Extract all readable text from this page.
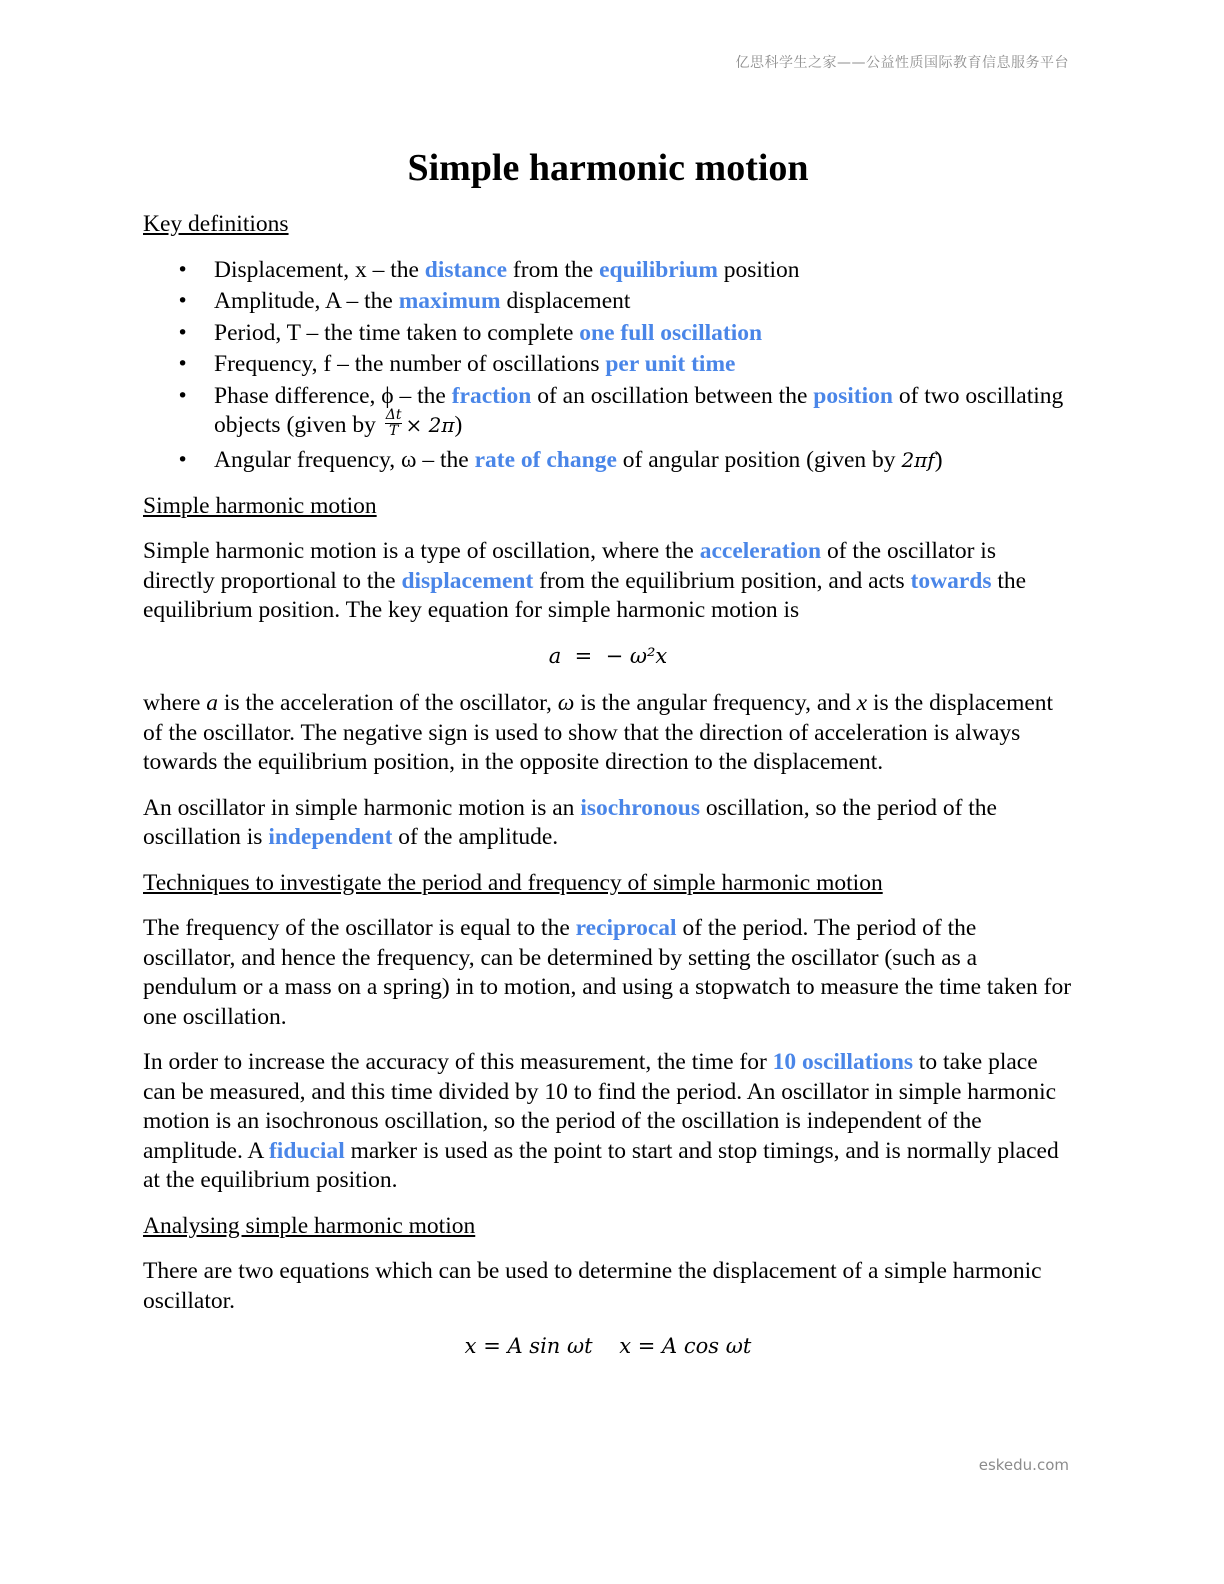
亿思科学生之家——公益性质国际教育信息服务平台
Simple harmonic motion
Key definitions
• Displacement, x – the distance from the equilibrium position
• Amplitude, A – the maximum displacement
• Period, T – the time taken to complete one full oscillation
• Frequency, f – the number of oscillations per unit time
• Phase difference, ϕ – the fraction of an oscillation between the position of two oscillating objects (given by $\frac{\Delta t}{T} \times 2\pi$)
• Angular frequency, ω – the rate of change of angular position (given by 2πf)
Simple harmonic motion

Simple harmonic motion is a type of oscillation, where the acceleration of the oscillator is directly proportional to the displacement from the equilibrium position, and acts towards the equilibrium position. The key equation for simple harmonic motion is

a  =  − ω²x

where a is the acceleration of the oscillator, ω is the angular frequency, and x is the displacement of the oscillator. The negative sign is used to show that the direction of acceleration is always towards the equilibrium position, in the opposite direction to the displacement.

An oscillator in simple harmonic motion is an isochronous oscillation, so the period of the oscillation is independent of the amplitude.

Techniques to investigate the period and frequency of simple harmonic motion

The frequency of the oscillator is equal to the reciprocal of the period. The period of the oscillator, and hence the frequency, can be determined by setting the oscillator (such as a pendulum or a mass on a spring) in to motion, and using a stopwatch to measure the time taken for one oscillation.

In order to increase the accuracy of this measurement, the time for 10 oscillations to take place can be measured, and this time divided by 10 to find the period. An oscillator in simple harmonic motion is an isochronous oscillation, so the period of the oscillation is independent of the amplitude. A fiducial marker is used as the point to start and stop timings, and is normally placed at the equilibrium position.

Analysing simple harmonic motion

There are two equations which can be used to determine the displacement of a simple harmonic oscillator.

x = A sin ωt    x = A cos ωt
eskedu.com
